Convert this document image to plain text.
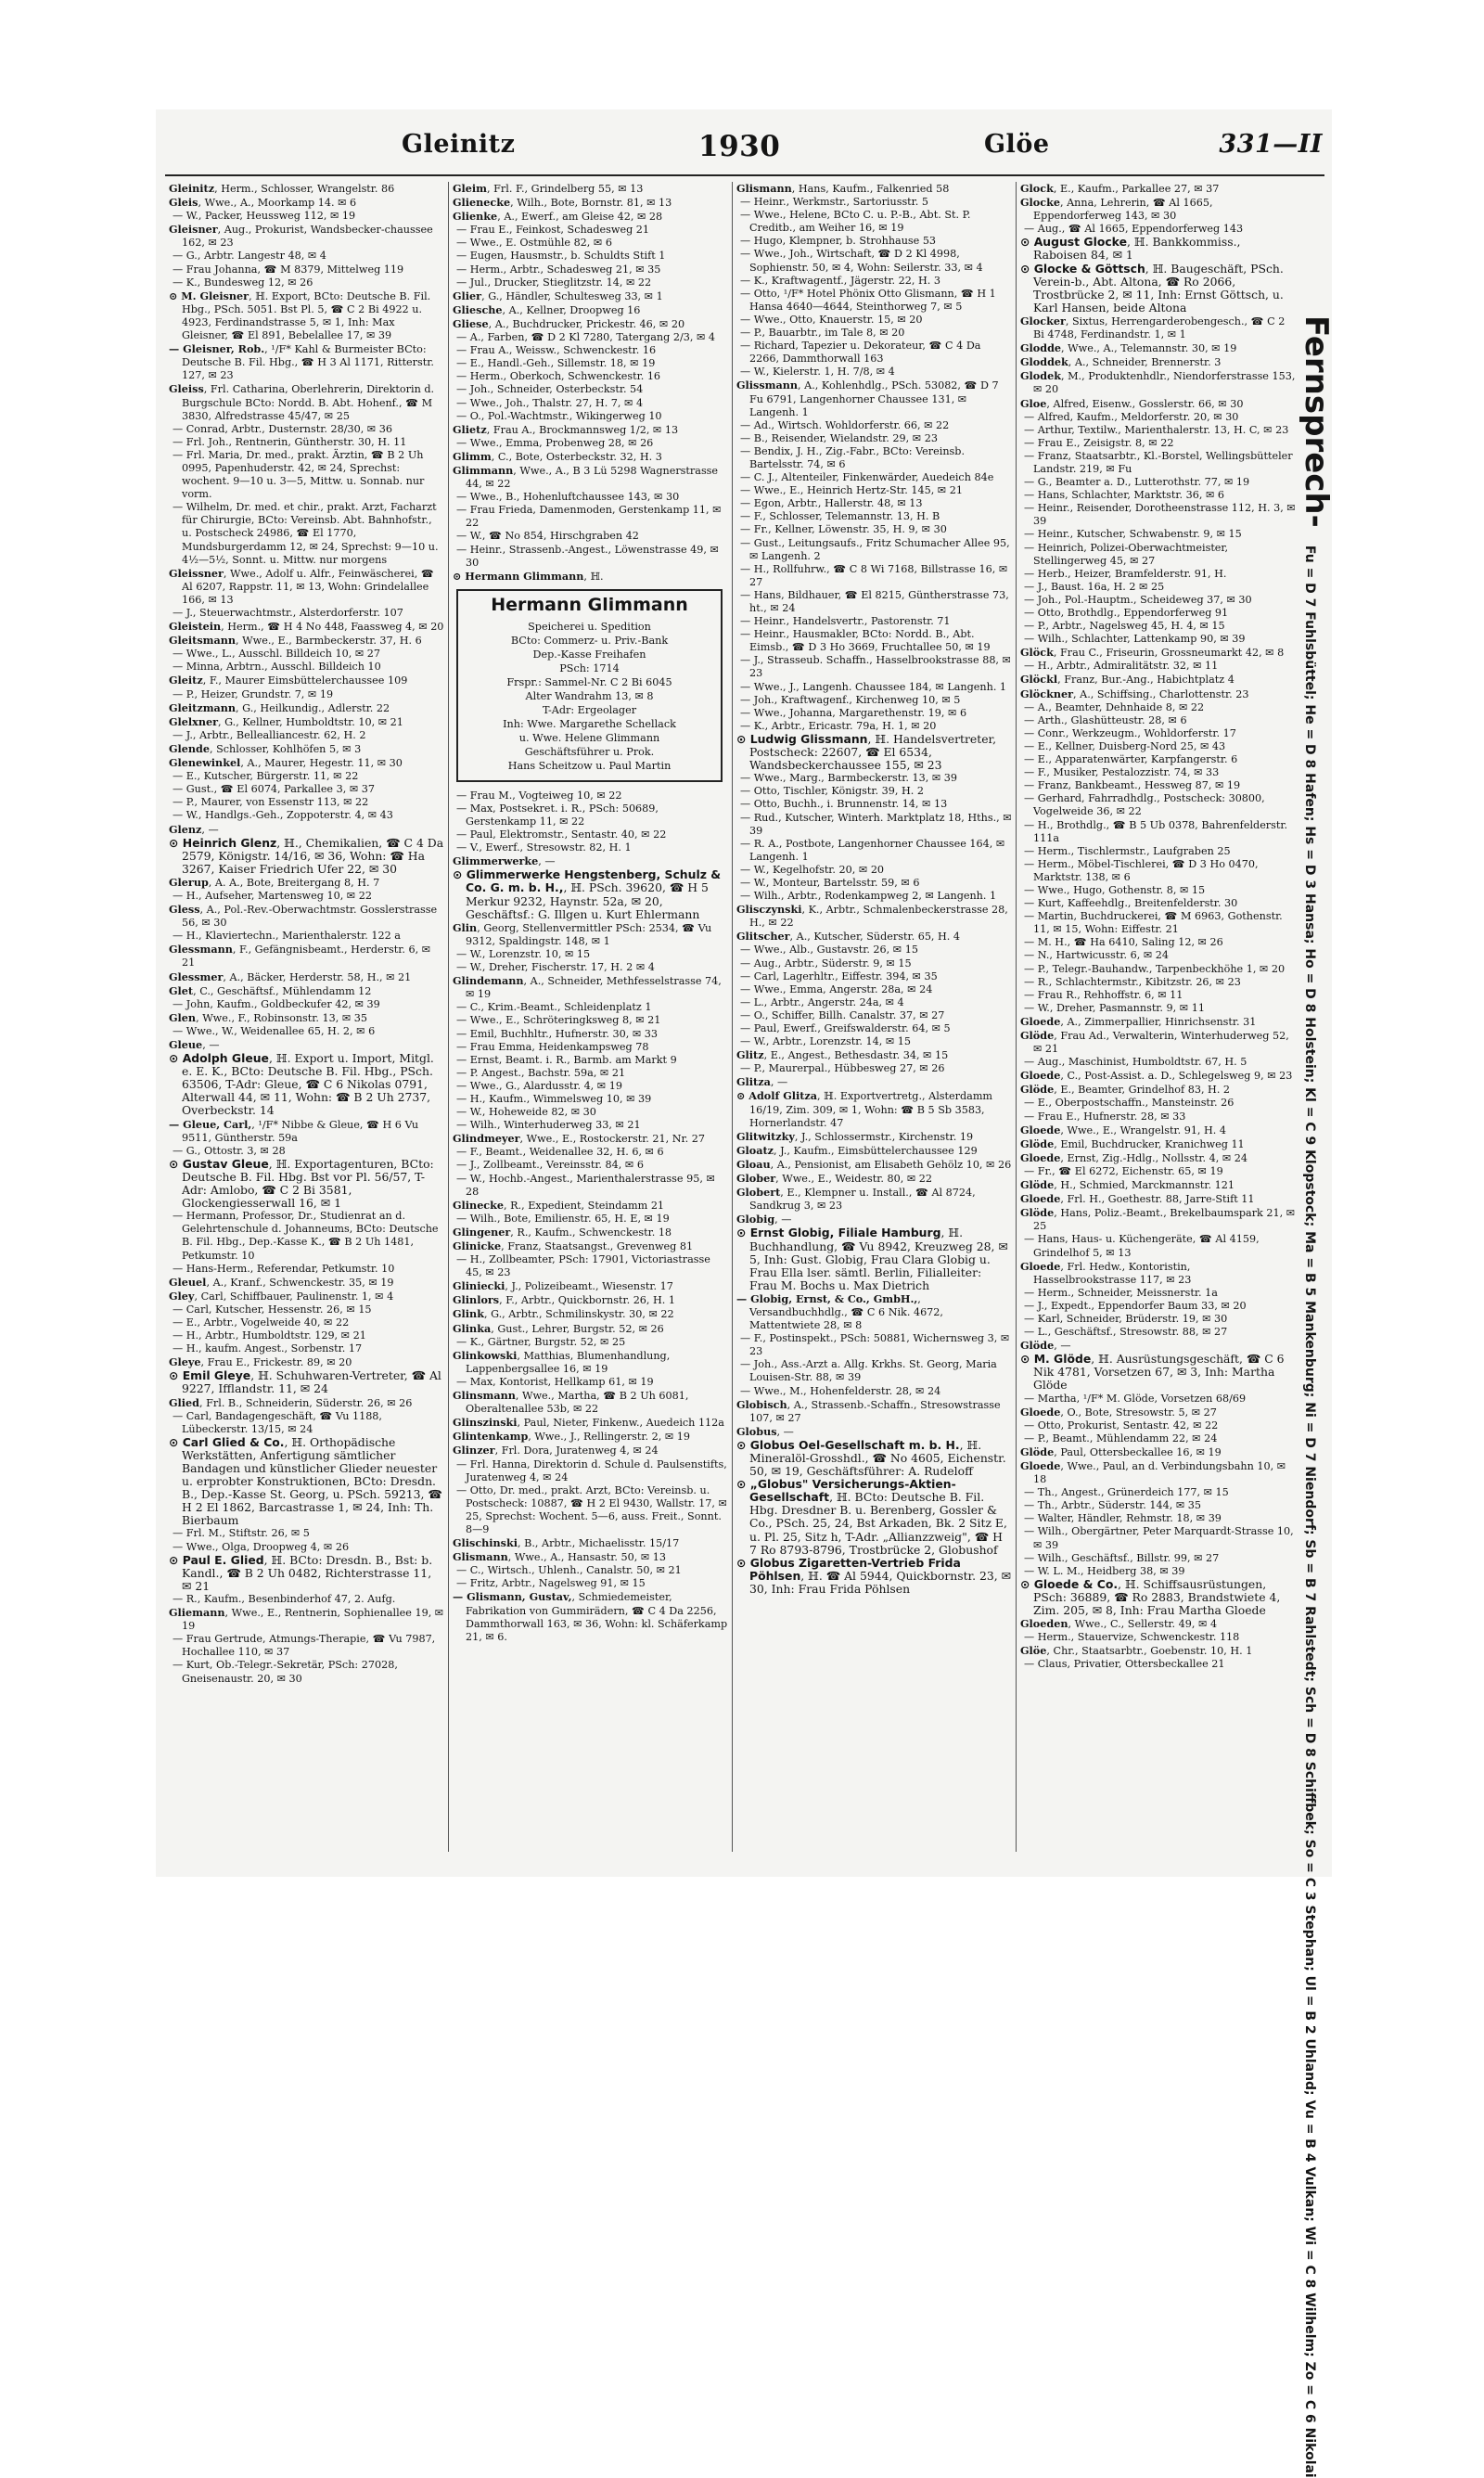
Gleinitz	1930	Glöe	331—II

Gleinitz, Herm., Schlosser, Wrangelstr. 86

Gleis, Wwe., A., Moorkamp 14. ✉ 6

— W., Packer, Heussweg 112, ✉ 19

Gleisner, Aug., Prokurist, Wandsbecker-chaussee 162, ✉ 23

— G., Arbtr. Langestr 48, ✉ 4

— Frau Johanna, ☎ M 8379, Mittelweg 119

— K., Bundesweg 12, ✉ 26

⊙ M. Gleisner, ℍ. Export, BCto: Deutsche B. Fil. Hbg., PSch. 5051. Bst Pl. 5, ☎ C 2 Bi 4922 u. 4923, Ferdinandstrasse 5, ✉ 1, Inh: Max Gleisner, ☎ El 891, Bebelallee 17, ✉ 39

— Gleisner, Rob., ¹/F* Kahl & Burmeister BCto: Deutsche B. Fil. Hbg., ☎ H 3 Al 1171, Ritterstr. 127, ✉ 23

Gleiss, Frl. Catharina, Oberlehrerin, Direktorin d. Burgschule BCto: Nordd. B. Abt. Hohenf., ☎ M 3830, Alfredstrasse 45/47, ✉ 25

— Conrad, Arbtr., Dusternstr. 28/30, ✉ 36

— Frl. Joh., Rentnerin, Güntherstr. 30, H. 11

— Frl. Maria, Dr. med., prakt. Ärztin, ☎ B 2 Uh 0995, Papenhuderstr. 42, ✉ 24, Sprechst: wochent. 9—10 u. 3—5, Mittw. u. Sonnab. nur vorm.

— Wilhelm, Dr. med. et chir., prakt. Arzt, Facharzt für Chirurgie, BCto: Vereinsb. Abt. Bahnhofstr., u. Postscheck 24986, ☎ El 1770, Mundsburgerdamm 12, ✉ 24, Sprechst: 9—10 u. 4½—5½, Sonnt. u. Mittw. nur morgens

Gleissner, Wwe., Adolf u. Alfr., Feinwäscherei, ☎ Al 6207, Rappstr. 11, ✉ 13, Wohn: Grindelallee 166, ✉ 13

— J., Steuerwachtmstr., Alsterdorferstr. 107

Gleistein, Herm., ☎ H 4 No 448, Faassweg 4, ✉ 20

Gleitsmann, Wwe., E., Barmbeckerstr. 37, H. 6

— Wwe., L., Ausschl. Billdeich 10, ✉ 27

— Minna, Arbtrn., Ausschl. Billdeich 10

Gleitz, F., Maurer Eimsbüttelerchaussee 109

— P., Heizer, Grundstr. 7, ✉ 19

Gleitzmann, G., Heilkundig., Adlerstr. 22

Glelxner, G., Kellner, Humboldtstr. 10, ✉ 21

— J., Arbtr., Bellealliancestr. 62, H. 2

Glende, Schlosser, Kohlhöfen 5, ✉ 3

Glenewinkel, A., Maurer, Hegestr. 11, ✉ 30

— E., Kutscher, Bürgerstr. 11, ✉ 22

— Gust., ☎ El 6074, Parkallee 3, ✉ 37

— P., Maurer, von Essenstr 113, ✉ 22

— W., Handlgs.-Geh., Zoppoterstr. 4, ✉ 43

Glenz, —

⊙ Heinrich Glenz, ℍ., Chemikalien, ☎ C 4 Da 2579, Königstr. 14/16, ✉ 36, Wohn: ☎ Ha 3267, Kaiser Friedrich Ufer 22, ✉ 30

Glerup, A. A., Bote, Breitergang 8, H. 7

— H., Aufseher, Martensweg 10, ✉ 22

Gless, A., Pol.-Rev.-Oberwachtmstr. Gosslerstrasse 56, ✉ 30

— H., Klaviertechn., Marienthalerstr. 122 a

Glessmann, F., Gefängnisbeamt., Herderstr. 6, ✉ 21

Glessmer, A., Bäcker, Herderstr. 58, H., ✉ 21

Glet, C., Geschäftsf., Mühlendamm 12

— John, Kaufm., Goldbeckufer 42, ✉ 39

Glen, Wwe., F., Robinsonstr. 13, ✉ 35

— Wwe., W., Weidenallee 65, H. 2, ✉ 6

Gleue, —

⊙ Adolph Gleue, ℍ. Export u. Import, Mitgl. e. E. K., BCto: Deutsche B. Fil. Hbg., PSch. 63506, T-Adr: Gleue, ☎ C 6 Nikolas 0791, Alterwall 44, ✉ 11, Wohn: ☎ B 2 Uh 2737, Overbeckstr. 14

— Gleue, Carl,, ¹/F* Nibbe & Gleue, ☎ H 6 Vu 9511, Güntherstr. 59a

— G., Ottostr. 3, ✉ 28

⊙ Gustav Gleue, ℍ. Exportagenturen, BCto: Deutsche B. Fil. Hbg. Bst vor Pl. 56/57, T-Adr: Amlobo, ☎ C 2 Bi 3581, Glockengiesserwall 16, ✉ 1

— Hermann, Professor, Dr., Studienrat an d. Gelehrtenschule d. Johanneums, BCto: Deutsche B. Fil. Hbg., Dep.-Kasse K., ☎ B 2 Uh 1481, Petkumstr. 10

— Hans-Herm., Referendar, Petkumstr. 10

Gleuel, A., Kranf., Schwenckestr. 35, ✉ 19

Gley, Carl, Schiffbauer, Paulinenstr. 1, ✉ 4

— Carl, Kutscher, Hessenstr. 26, ✉ 15

— E., Arbtr., Vogelweide 40, ✉ 22

— H., Arbtr., Humboldtstr. 129, ✉ 21

— H., kaufm. Angest., Sorbenstr. 17

Gleye, Frau E., Frickestr. 89, ✉ 20

⊙ Emil Gleye, ℍ. Schuhwaren-Vertreter, ☎ Al 9227, Ifflandstr. 11, ✉ 24

Glied, Frl. B., Schneiderin, Süderstr. 26, ✉ 26

— Carl, Bandagengeschäft, ☎ Vu 1188, Lübeckerstr. 13/15, ✉ 24

⊙ Carl Glied & Co., ℍ. Orthopädische Werkstätten, Anfertigung sämtlicher Bandagen und künstlicher Glieder neuester u. erprobter Konstruktionen, BCto: Dresdn. B., Dep.-Kasse St. Georg, u. PSch. 59213, ☎ H 2 El 1862, Barcastrasse 1, ✉ 24, Inh: Th. Bierbaum

— Frl. M., Stiftstr. 26, ✉ 5

— Wwe., Olga, Droopweg 4, ✉ 26

⊙ Paul E. Glied, ℍ. BCto: Dresdn. B., Bst: b. Kandl., ☎ B 2 Uh 0482, Richterstrasse 11, ✉ 21

— R., Kaufm., Besenbinderhof 47, 2. Aufg.

Gliemann, Wwe., E., Rentnerin, Sophienallee 19, ✉ 19

— Frau Gertrude, Atmungs-Therapie, ☎ Vu 7987, Hochallee 110, ✉ 37

— Kurt, Ob.-Telegr.-Sekretär, PSch: 27028, Gneisenaustr. 20, ✉ 30

Gleim, Frl. F., Grindelberg 55, ✉ 13

Glienecke, Wilh., Bote, Bornstr. 81, ✉ 13

Glienke, A., Ewerf., am Gleise 42, ✉ 28

— Frau E., Feinkost, Schadesweg 21

— Wwe., E. Ostmühle 82, ✉ 6

— Eugen, Hausmstr., b. Schuldts Stift 1

— Herm., Arbtr., Schadesweg 21, ✉ 35

— Jul., Drucker, Stieglitzstr. 14, ✉ 22

Glier, G., Händler, Schultesweg 33, ✉ 1

Gliesche, A., Kellner, Droopweg 16

Gliese, A., Buchdrucker, Prickestr. 46, ✉ 20

— A., Farben, ☎ D 2 Kl 7280, Tatergang 2/3, ✉ 4

— Frau A., Weissw., Schwenckestr. 16

— E., Handl.-Geh., Sillemstr. 18, ✉ 19

— Herm., Oberkoch, Schwenckestr. 16

— Joh., Schneider, Osterbeckstr. 54

— Wwe., Joh., Thalstr. 27, H. 7, ✉ 4

— O., Pol.-Wachtmstr., Wikingerweg 10

Glietz, Frau A., Brockmannsweg 1/2, ✉ 13

— Wwe., Emma, Probenweg 28, ✉ 26

Glimm, C., Bote, Osterbeckstr. 32, H. 3

Glimmann, Wwe., A., B 3 Lü 5298 Wagnerstrasse 44, ✉ 22

— Wwe., B., Hohenluftchaussee 143, ✉ 30

— Frau Frieda, Damenmoden, Gerstenkamp 11, ✉ 22

— W., ☎ No 854, Hirschgraben 42

— Heinr., Strassenb.-Angest., Löwenstrasse 49, ✉ 30

⊙ Hermann Glimmann, ℍ.

Hermann Glimmann
Speicherei u. Spedition
BCto: Commerz- u. Priv.-Bank
Dep.-Kasse Freihafen
PSch: 1714
Frspr.: Sammel-Nr. C 2 Bi 6045
Alter Wandrahm 13, ✉ 8
T-Adr: Ergeolager
Inh: Wwe. Margarethe Schellack
u. Wwe. Helene Glimmann
Geschäftsführer u. Prok.
Hans Scheitzow u. Paul Martin

— Frau M., Vogteiweg 10, ✉ 22

— Max, Postsekret. i. R., PSch: 50689, Gerstenkamp 11, ✉ 22

— Paul, Elektromstr., Sentastr. 40, ✉ 22

— V., Ewerf., Stresowstr. 82, H. 1

Glimmerwerke, —

⊙ Glimmerwerke Hengstenberg, Schulz & Co. G. m. b. H.,, ℍ. PSch. 39620, ☎ H 5 Merkur 9232, Haynstr. 52a, ✉ 20, Geschäftsf.: G. Illgen u. Kurt Ehlermann

Glin, Georg, Stellenvermittler PSch: 2534, ☎ Vu 9312, Spaldingstr. 148, ✉ 1

— W., Lorenzstr. 10, ✉ 15

— W., Dreher, Fischerstr. 17, H. 2 ✉ 4

Glindemann, A., Schneider, Methfesselstrasse 74, ✉ 19

— C., Krim.-Beamt., Schleidenplatz 1

— Wwe., E., Schröteringksweg 8, ✉ 21

— Emil, Buchhltr., Hufnerstr. 30, ✉ 33

— Frau Emma, Heidenkampsweg 78

— Ernst, Beamt. i. R., Barmb. am Markt 9

— P. Angest., Bachstr. 59a, ✉ 21

— Wwe., G., Alardusstr. 4, ✉ 19

— H., Kaufm., Wimmelsweg 10, ✉ 39

— W., Hoheweide 82, ✉ 30

— Wilh., Winterhuderweg 33, ✉ 21

Glindmeyer, Wwe., E., Rostockerstr. 21, Nr. 27

— F., Beamt., Weidenallee 32, H. 6, ✉ 6

— J., Zollbeamt., Vereinsstr. 84, ✉ 6

— W., Hochb.-Angest., Marienthalerstrasse 95, ✉ 28

Glinecke, R., Expedient, Steindamm 21

— Wilh., Bote, Emilienstr. 65, H. E, ✉ 19

Glingener, R., Kaufm., Schwenckestr. 18

Glinicke, Franz, Staatsangst., Grevenweg 81

— H., Zollbeamter, PSch: 17901, Victoriastrasse 45, ✉ 23

Gliniecki, J., Polizeibeamt., Wiesenstr. 17

Glinlors, F., Arbtr., Quickbornstr. 26, H. 1

Glink, G., Arbtr., Schmilinskystr. 30, ✉ 22

Glinka, Gust., Lehrer, Burgstr. 52, ✉ 26

— K., Gärtner, Burgstr. 52, ✉ 25

Glinkowski, Matthias, Blumenhandlung, Lappenbergsallee 16, ✉ 19

— Max, Kontorist, Hellkamp 61, ✉ 19

Glinsmann, Wwe., Martha, ☎ B 2 Uh 6081, Oberaltenallee 53b, ✉ 22

Glinszinski, Paul, Nieter, Finkenw., Auedeich 112a

Glintenkamp, Wwe., J., Rellingerstr. 2, ✉ 19

Glinzer, Frl. Dora, Juratenweg 4, ✉ 24

— Frl. Hanna, Direktorin d. Schule d. Paulsenstifts, Juratenweg 4, ✉ 24

— Otto, Dr. med., prakt. Arzt, BCto: Vereinsb. u. Postscheck: 10887, ☎ H 2 El 9430, Wallstr. 17, ✉ 25, Sprechst: Wochent. 5—6, auss. Freit., Sonnt. 8—9

Glischinski, B., Arbtr., Michaelisstr. 15/17

Glismann, Wwe., A., Hansastr. 50, ✉ 13

— C., Wirtsch., Uhlenh., Canalstr. 50, ✉ 21

— Fritz, Arbtr., Nagelsweg 91, ✉ 15

— Glismann, Gustav,, Schmiedemeister, Fabrikation von Gummirädern, ☎ C 4 Da 2256, Dammthorwall 163, ✉ 36, Wohn: kl. Schäferkamp 21, ✉ 6.

Glismann, Hans, Kaufm., Falkenried 58

— Heinr., Werkmstr., Sartoriusstr. 5

— Wwe., Helene, BCto C. u. P.-B., Abt. St. P. Creditb., am Weiher 16, ✉ 19

— Hugo, Klempner, b. Strohhause 53

— Wwe., Joh., Wirtschaft, ☎ D 2 Kl 4998, Sophienstr. 50, ✉ 4, Wohn: Seilerstr. 33, ✉ 4

— K., Kraftwagentf., Jägerstr. 22, H. 3

— Otto, ¹/F* Hotel Phönix Otto Glismann, ☎ H 1 Hansa 4640—4644, Steinthorweg 7, ✉ 5

— Wwe., Otto, Knauerstr. 15, ✉ 20

— P., Bauarbtr., im Tale 8, ✉ 20

— Richard, Tapezier u. Dekorateur, ☎ C 4 Da 2266, Dammthorwall 163

— W., Kielerstr. 1, H. 7/8, ✉ 4

Glissmann, A., Kohlenhdlg., PSch. 53082, ☎ D 7 Fu 6791, Langenhorner Chaussee 131, ✉ Langenh. 1

— Ad., Wirtsch. Wohldorferstr. 66, ✉ 22

— B., Reisender, Wielandstr. 29, ✉ 23

— Bendix, J. H., Zig.-Fabr., BCto: Vereinsb. Bartelsstr. 74, ✉ 6

— C. J., Altenteiler, Finkenwärder, Auedeich 84e

— Wwe., E., Heinrich Hertz-Str. 145, ✉ 21

— Egon, Arbtr., Hallerstr. 48, ✉ 13

— F., Schlosser, Telemannstr. 13, H. B

— Fr., Kellner, Löwenstr. 35, H. 9, ✉ 30

— Gust., Leitungsaufs., Fritz Schumacher Allee 95, ✉ Langenh. 2

— H., Rollfuhrw., ☎ C 8 Wi 7168, Billstrasse 16, ✉ 27

— Hans, Bildhauer, ☎ El 8215, Güntherstrasse 73, ht., ✉ 24

— Heinr., Handelsvertr., Pastorenstr. 71

— Heinr., Hausmakler, BCto: Nordd. B., Abt. Eimsb., ☎ D 3 Ho 3669, Fruchtallee 50, ✉ 19

— J., Strasseub. Schaffn., Hasselbrookstrasse 88, ✉ 23

— Wwe., J., Langenh. Chaussee 184, ✉ Langenh. 1

— Joh., Kraftwagenf., Kirchenweg 10, ✉ 5

— Wwe., Johanna, Margarethenstr. 19, ✉ 6

— K., Arbtr., Ericastr. 79a, H. 1, ✉ 20

⊙ Ludwig Glissmann, ℍ. Handelsvertreter, Postscheck: 22607, ☎ El 6534, Wandsbeckerchaussee 155, ✉ 23

— Wwe., Marg., Barmbeckerstr. 13, ✉ 39

— Otto, Tischler, Königstr. 39, H. 2

— Otto, Buchh., i. Brunnenstr. 14, ✉ 13

— Rud., Kutscher, Winterh. Marktplatz 18, Hths., ✉ 39

— R. A., Postbote, Langenhorner Chaussee 164, ✉ Langenh. 1

— W., Kegelhofstr. 20, ✉ 20

— W., Monteur, Bartelsstr. 59, ✉ 6

— Wilh., Arbtr., Rodenkampweg 2, ✉ Langenh. 1

Glisczynski, K., Arbtr., Schmalenbeckerstrasse 28, H., ✉ 22

Glitscher, A., Kutscher, Süderstr. 65, H. 4

— Wwe., Alb., Gustavstr. 26, ✉ 15

— Aug., Arbtr., Süderstr. 9, ✉ 15

— Carl, Lagerhltr., Eiffestr. 394, ✉ 35

— Wwe., Emma, Angerstr. 28a, ✉ 24

— L., Arbtr., Angerstr. 24a, ✉ 4

— O., Schiffer, Billh. Canalstr. 37, ✉ 27

— Paul, Ewerf., Greifswalderstr. 64, ✉ 5

— W., Arbtr., Lorenzstr. 14, ✉ 15

Glitz, E., Angest., Bethesdastr. 34, ✉ 15

— P., Maurerpal., Hübbesweg 27, ✉ 26

Glitza, —

⊙ Adolf Glitza, ℍ. Exportvertretg., Alsterdamm 16/19, Zim. 309, ✉ 1, Wohn: ☎ B 5 Sb 3583, Hornerlandstr. 47

Glitwitzky, J., Schlossermstr., Kirchenstr. 19

Gloatz, J., Kaufm., Eimsbüttelerchaussee 129

Gloau, A., Pensionist, am Elisabeth Gehölz 10, ✉ 26

Glober, Wwe., E., Weidestr. 80, ✉ 22

Globert, E., Klempner u. Install., ☎ Al 8724, Sandkrug 3, ✉ 23

Globig, —

⊙ Ernst Globig, Filiale Hamburg, ℍ. Buchhandlung, ☎ Vu 8942, Kreuzweg 28, ✉ 5, Inh: Gust. Globig, Frau Clara Globig u. Frau Ella lser. sämtl. Berlin, Filialleiter: Frau M. Bochs u. Max Dietrich

— Globig, Ernst, & Co., GmbH.,, Versandbuchhdlg., ☎ C 6 Nik. 4672, Mattentwiete 28, ✉ 8

— F., Postinspekt., PSch: 50881, Wichernsweg 3, ✉ 23

— Joh., Ass.-Arzt a. Allg. Krkhs. St. Georg, Maria Louisen-Str. 88, ✉ 39

— Wwe., M., Hohenfelderstr. 28, ✉ 24

Globisch, A., Strassenb.-Schaffn., Stresowstrasse 107, ✉ 27

Globus, —

⊙ Globus Oel-Gesellschaft m. b. H., ℍ. Mineralöl-Grosshdl., ☎ No 4605, Eichenstr. 50, ✉ 19, Geschäftsführer: A. Rudeloff

⊙ „Globus" Versicherungs-Aktien-Gesellschaft, ℍ. BCto: Deutsche B. Fil. Hbg. Dresdner B. u. Berenberg, Gossler & Co., PSch. 25, 24, Bst Arkaden, Bk. 2 Sitz E, u. Pl. 25, Sitz h, T-Adr. „Allianzzweig", ☎ H 7 Ro 8793-8796, Trostbrücke 2, Globushof

⊙ Globus Zigaretten-Vertrieb Frida Pöhlsen, ℍ. ☎ Al 5944, Quickbornstr. 23, ✉ 30, Inh: Frau Frida Pöhlsen

Glock, E., Kaufm., Parkallee 27, ✉ 37

Glocke, Anna, Lehrerin, ☎ Al 1665, Eppendorferweg 143, ✉ 30

— Aug., ☎ Al 1665, Eppendorferweg 143

⊙ August Glocke, ℍ. Bankkommiss., Raboisen 84, ✉ 1

⊙ Glocke & Göttsch, ℍ. Baugeschäft, PSch. Verein-b., Abt. Altona, ☎ Ro 2066, Trostbrücke 2, ✉ 11, Inh: Ernst Göttsch, u. Karl Hansen, beide Altona

Glocker, Sixtus, Herrengarderobengesch., ☎ C 2 Bi 4748, Ferdinandstr. 1, ✉ 1

Glodde, Wwe., A., Telemannstr. 30, ✉ 19

Gloddek, A., Schneider, Brennerstr. 3

Glodek, M., Produktenhdlr., Niendorferstrasse 153, ✉ 20

Gloe, Alfred, Eisenw., Gosslerstr. 66, ✉ 30

— Alfred, Kaufm., Meldorferstr. 20, ✉ 30

— Arthur, Textilw., Marienthalerstr. 13, H. C, ✉ 23

— Frau E., Zeisigstr. 8, ✉ 22

— Franz, Staatsarbtr., Kl.-Borstel, Wellingsbütteler Landstr. 219, ✉ Fu

— G., Beamter a. D., Lutterothstr. 77, ✉ 19

— Hans, Schlachter, Marktstr. 36, ✉ 6

— Heinr., Reisender, Dorotheenstrasse 112, H. 3, ✉ 39

— Heinr., Kutscher, Schwabenstr. 9, ✉ 15

— Heinrich, Polizei-Oberwachtmeister, Stellingerweg 45, ✉ 27

— Herb., Heizer, Bramfelderstr. 91, H.

— J., Baust. 16a, H. 2 ✉ 25

— Joh., Pol.-Hauptm., Scheideweg 37, ✉ 30

— Otto, Brothdlg., Eppendorferweg 91

— P., Arbtr., Nagelsweg 45, H. 4, ✉ 15

— Wilh., Schlachter, Lattenkamp 90, ✉ 39

Glöck, Frau C., Friseurin, Grossneumarkt 42, ✉ 8

— H., Arbtr., Admiralitätstr. 32, ✉ 11

Glöckl, Franz, Bur.-Ang., Habichtplatz 4

Glöckner, A., Schiffsing., Charlottenstr. 23

— A., Beamter, Dehnhaide 8, ✉ 22

— Arth., Glashütteustr. 28, ✉ 6

— Conr., Werkzeugm., Wohldorferstr. 17

— E., Kellner, Duisberg-Nord 25, ✉ 43

— E., Apparatenwärter, Karpfangerstr. 6

— F., Musiker, Pestalozzistr. 74, ✉ 33

— Franz, Bankbeamt., Hessweg 87, ✉ 19

— Gerhard, Fahrradhdlg., Postscheck: 30800, Vogelweide 36, ✉ 22

— H., Brothdlg., ☎ B 5 Ub 0378, Bahrenfelderstr. 111a

— Herm., Tischlermstr., Laufgraben 25

— Herm., Möbel-Tischlerei, ☎ D 3 Ho 0470, Marktstr. 138, ✉ 6

— Wwe., Hugo, Gothenstr. 8, ✉ 15

— Kurt, Kaffeehdlg., Breitenfelderstr. 30

— Martin, Buchdruckerei, ☎ M 6963, Gothenstr. 11, ✉ 15, Wohn: Eiffestr. 21

— M. H., ☎ Ha 6410, Saling 12, ✉ 26

— N., Hartwicusstr. 6, ✉ 24

— P., Telegr.-Bauhandw., Tarpenbeckhöhe 1, ✉ 20

— R., Schlachtermstr., Kibitzstr. 26, ✉ 23

— Frau R., Rehhoffstr. 6, ✉ 11

— W., Dreher, Pasmannstr. 9, ✉ 11

Gloede, A., Zimmerpallier, Hinrichsenstr. 31

Glöde, Frau Ad., Verwalterin, Winterhuderweg 52, ✉ 21

— Aug., Maschinist, Humboldtstr. 67, H. 5

Gloede, C., Post-Assist. a. D., Schlegelsweg 9, ✉ 23

Glöde, E., Beamter, Grindelhof 83, H. 2

— E., Oberpostschaffn., Mansteinstr. 26

— Frau E., Hufnerstr. 28, ✉ 33

Gloede, Wwe., E., Wrangelstr. 91, H. 4

Glöde, Emil, Buchdrucker, Kranichweg 11

Gloede, Ernst, Zig.-Hdlg., Nollsstr. 4, ✉ 24

— Fr., ☎ El 6272, Eichenstr. 65, ✉ 19

Glöde, H., Schmied, Marckmannstr. 121

Gloede, Frl. H., Goethestr. 88, Jarre-Stift 11

Glöde, Hans, Poliz.-Beamt., Brekelbaumspark 21, ✉ 25

— Hans, Haus- u. Küchengeräte, ☎ Al 4159, Grindelhof 5, ✉ 13

Gloede, Frl. Hedw., Kontoristin, Hasselbrookstrasse 117, ✉ 23

— Herm., Schneider, Meissnerstr. 1a

— J., Expedt., Eppendorfer Baum 33, ✉ 20

— Karl, Schneider, Brüderstr. 19, ✉ 30

— L., Geschäftsf., Stresowstr. 88, ✉ 27

Glöde, —

⊙ M. Glöde, ℍ. Ausrüstungsgeschäft, ☎ C 6 Nik 4781, Vorsetzen 67, ✉ 3, Inh: Martha Glöde

— Martha, ¹/F* M. Glöde, Vorsetzen 68/69

Gloede, O., Bote, Stresowstr. 5, ✉ 27

— Otto, Prokurist, Sentastr. 42, ✉ 22

— P., Beamt., Mühlendamm 22, ✉ 24

Glöde, Paul, Ottersbeckallee 16, ✉ 19

Gloede, Wwe., Paul, an d. Verbindungsbahn 10, ✉ 18

— Th., Angest., Grünerdeich 177, ✉ 15

— Th., Arbtr., Süderstr. 144, ✉ 35

— Walter, Händler, Rehmstr. 18, ✉ 39

— Wilh., Obergärtner, Peter Marquardt-Strasse 10, ✉ 39

— Wilh., Geschäftsf., Billstr. 99, ✉ 27

— W. L. M., Heidberg 38, ✉ 39

⊙ Gloede & Co., ℍ. Schiffsausrüstungen, PSch: 36889, ☎ Ro 2883, Brandstwiete 4, Zim. 205, ✉ 8, Inh: Frau Martha Gloede

Gloeden, Wwe., C., Sellerstr. 49, ✉ 4

— Herm., Stauervize, Schwenckestr. 118

Glöe, Chr., Staatsarbtr., Goebenstr. 10, H. 1

— Claus, Privatier, Ottersbeckallee 21

Fernsprech- Fu = D 7 Fuhlsbüttel; He = D 8 Hafen; Hs = D 3 Hansa; Ho = D 8 Holstein; Kl = C 9 Klopstock; Ma = B 5 Mankenburg; Ni = D 7 Niendorf; Sb = B 7 Rahlstedt; Sch = D 8 Schiffbek; So = C 3 Stephan; Ul = B 2 Uhland; Vu = B 4 Vulkan; Wi = C 8 Wilhelm; Zo = C 6 Nikolai
